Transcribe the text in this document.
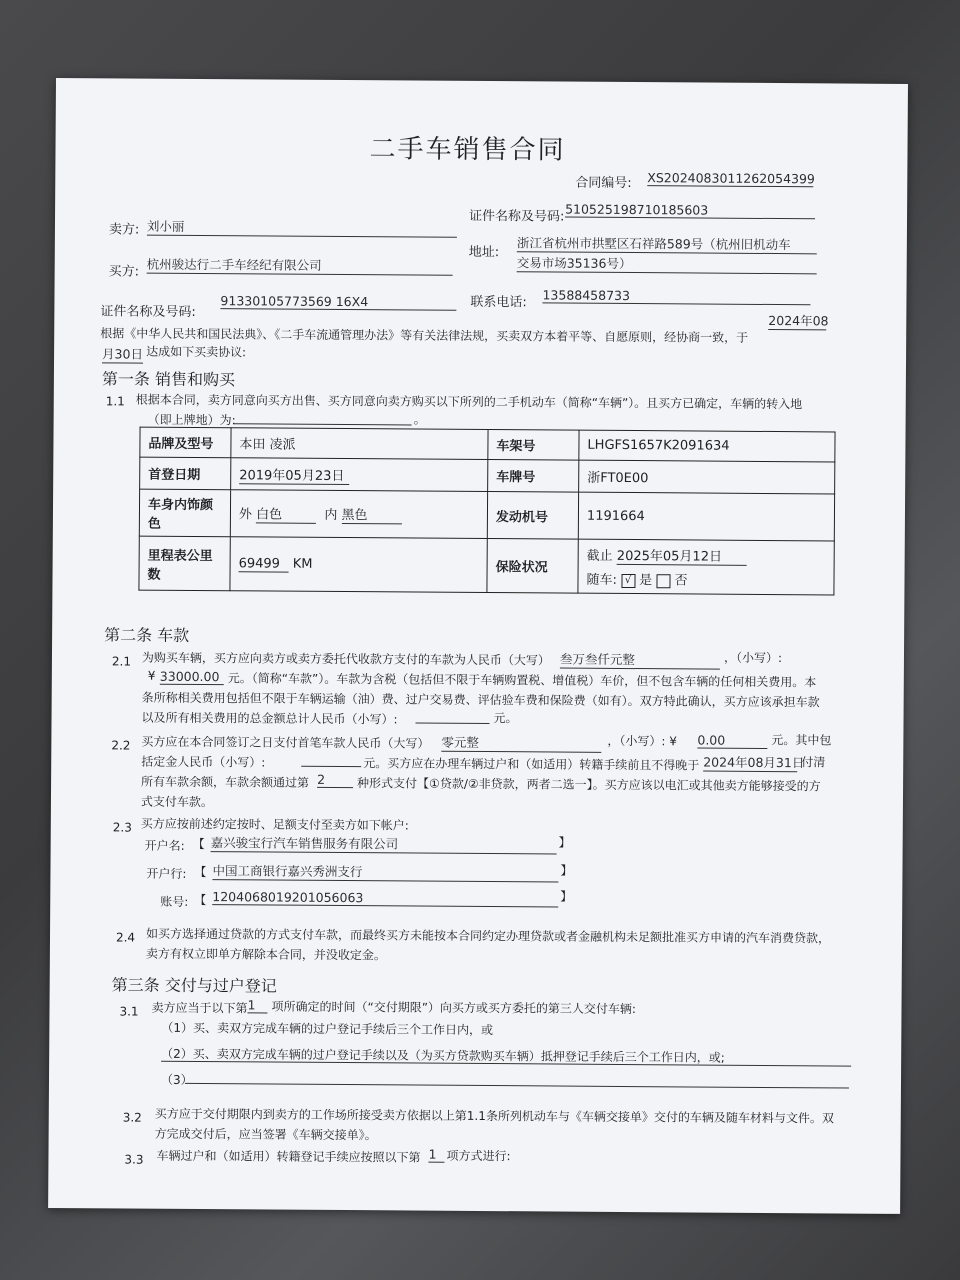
二手车销售合同
合同编号: XS2024083011262054399
卖方: 刘小丽
证件名称及号码: 510525198710185603
买方: 杭州骏达行二手车经纪有限公司
地址:
浙江省杭州市拱墅区石祥路589号（杭州旧机动车
交易市场35136号）
证件名称及号码:
91330105773569 16X4	联系电话: 13588458733
根据《中华人民共和国民法典》、《二手车流通管理办法》等有关法律法规，买卖双方本着平等、自愿原则，经协商一致，于
2024年08
月30日 达成如下买卖协议:
第一条 销售和购买
1.1 根据本合同，卖方同意向买方出售、买方同意向卖方购买以下所列的二手机动车（简称“车辆”）。且买方已确定，车辆的转入地
（即上牌地）为:	。
品牌及型号	本田 凌派	车架号	LHGFS1657K2091634
首登日期	2019年05月23日	车牌号	浙FT0E00
车身内饰颜色	外 白色 内 黑色	发动机号	1191664
里程表公里数	69499 KM	保险状况	截止 2025年05月12日
随车: √ 是 否
第二条 车款
2.1 为购买车辆，买方应向卖方或卖方委托代收款方支付的车款为人民币（大写） 叁万叁仟元整	，（小写）:
¥ 33000.00 元。（简称“车款”）。车款为含税（包括但不限于车辆购置税、增值税）车价，但不包含车辆的任何相关费用。本
条所称相关费用包括但不限于车辆运输（油）费、过户交易费、评估验车费和保险费（如有）。双方特此确认，买方应该承担车款
以及所有相关费用的总金额总计人民币（小写）:	元。
2.2 买方应在本合同签订之日支付首笔车款人民币（大写） 零元整	，（小写）: ¥ 0.00	元。其中包
括定金人民币（小写）:	元。买方应在办理车辆过户和（如适用）转籍手续前且不得晚于 2024年08月31日
付清
所有车款余额，车款余额通过第 2	种形式支付【①贷款/②非贷款，两者二选一】。买方应该以电汇或其他卖方能够接受的方
式支付车款。
2.3 买方应按前述约定按时、足额支付至卖方如下帐户:
开户名: 【 嘉兴骏宝行汽车销售服务有限公司	】
开户行: 【 中国工商银行嘉兴秀洲支行	】
账号: 【 1204068019201056063	】
2.4 如买方选择通过贷款的方式支付车款，而最终买方未能按本合同约定办理贷款或者金融机构未足额批准买方申请的汽车消费贷款，
卖方有权立即单方解除本合同，并没收定金。
第三条 交付与过户登记
3.1 卖方应当于以下第 1	项所确定的时间（“交付期限”）向买方或买方委托的第三人交付车辆:
（1）买、卖双方完成车辆的过户登记手续后三个工作日内，或
（2）买、卖双方完成车辆的过户登记手续以及（为买方贷款购买车辆）抵押登记手续后三个工作日内，或;
（3）
3.2 买方应于交付期限内到卖方的工作场所接受卖方依据以上第1.1条所列机动车与《车辆交接单》交付的车辆及随车材料与文件。双
方完成交付后，应当签署《车辆交接单》。
3.3 车辆过户和（如适用）转籍登记手续应按照以下第 1 项方式进行:
